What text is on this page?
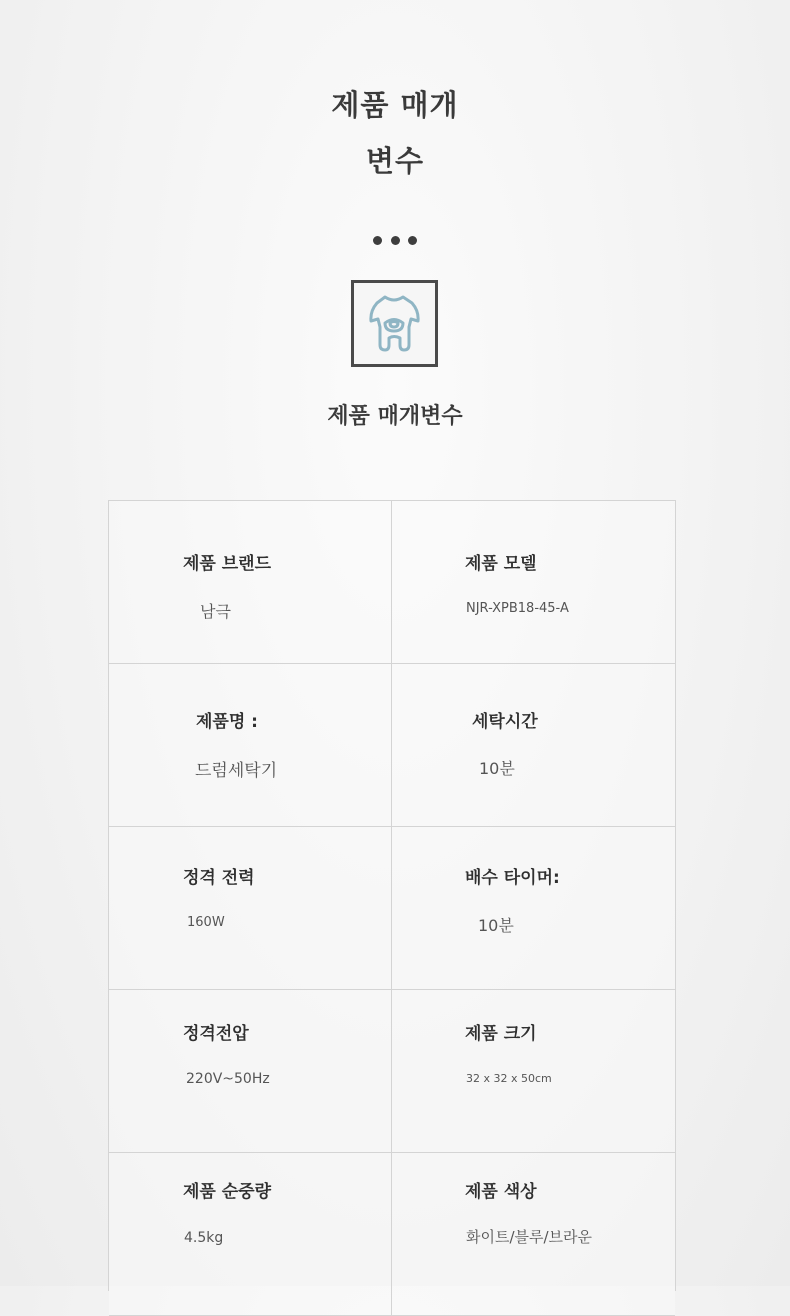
제품 매개
변수
제품 매개변수
제품 브랜드
남극
제품 모델
NJR-XPB18-45-A
제품명 :
드럼세탁기
세탁시간
10분
정격 전력
160W
배수 타이머:
10분
정격전압
220V~50Hz
제품 크기
32 x 32 x 50cm
제품 순중량
4.5kg
제품 색상
화이트/블루/브라운
